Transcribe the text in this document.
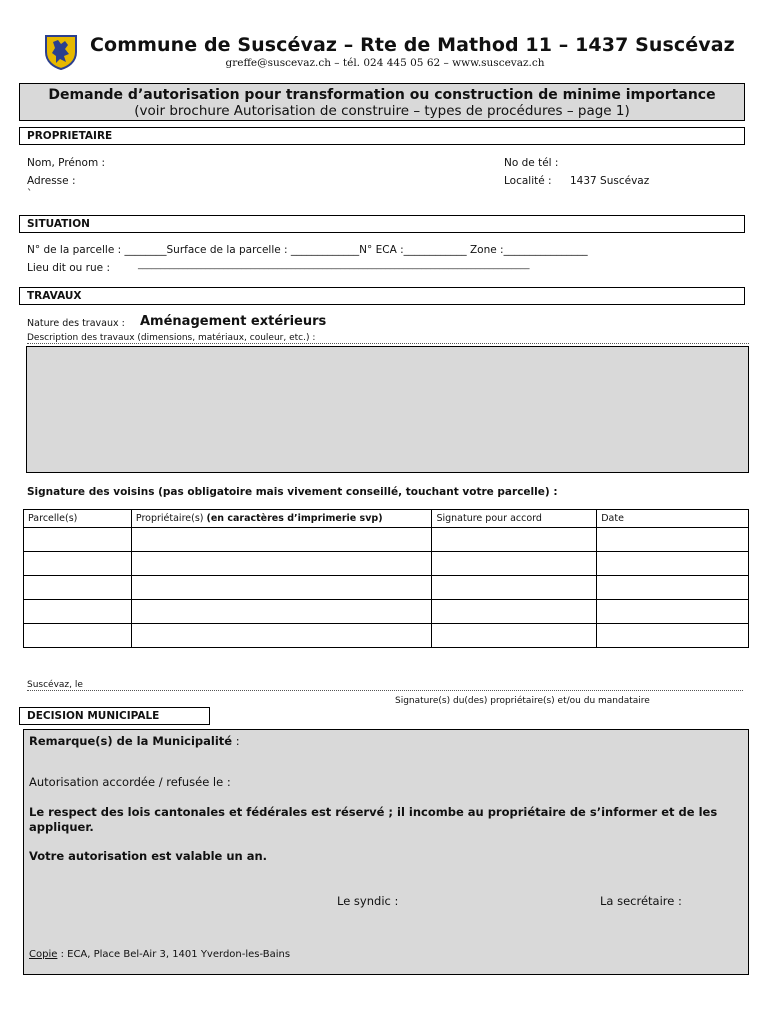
Commune de Suscévaz – Rte de Mathod 11 – 1437 Suscévaz
greffe@suscevaz.ch – tél. 024 445 05 62 – www.suscevaz.ch
Demande d’autorisation pour transformation ou construction de minime importance
(voir brochure Autorisation de construire – types de procédures – page 1)
PROPRIETAIRE
Nom, Prénom :
Adresse :
`
No de tél :
Localité : 1437 Suscévaz
SITUATION
N° de la parcelle : ________Surface de la parcelle : _____________N° ECA :____________ Zone :________________
Lieu dit ou rue :	_______________________________________________________________________________________
TRAVAUX
Nature des travaux : Aménagement extérieurs
Description des travaux (dimensions, matériaux, couleur, etc.) :
Signature des voisins (pas obligatoire mais vivement conseillé, touchant votre parcelle) :
Parcelle(s)	Propriétaire(s) (en caractères d’imprimerie svp)	Signature pour accord	Date

Suscévaz, le
Signature(s) du(des) propriétaire(s) et/ou du mandataire
DECISION MUNICIPALE
Remarque(s) de la Municipalité :
Autorisation accordée / refusée le :
Le respect des lois cantonales et fédérales est réservé ; il incombe au propriétaire de s’informer et de les appliquer.
Votre autorisation est valable un an.
Le syndic :	La secrétaire :
Copie : ECA, Place Bel-Air 3, 1401 Yverdon-les-Bains
